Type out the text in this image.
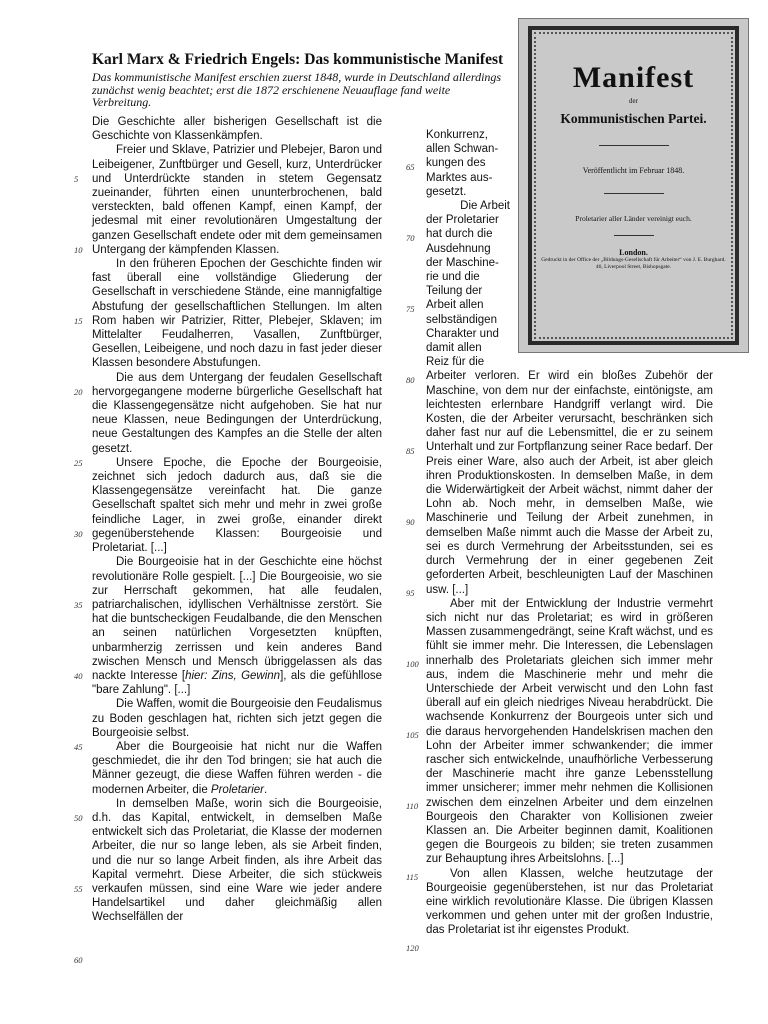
Karl Marx & Friedrich Engels: Das kommunistische Manifest
Das kommunistische Manifest erschien zuerst 1848, wurde in Deutschland allerdings zunächst wenig beachtet; erst die 1872 erschienene Neuauflage fand weite Verbreitung.
Manifest
der
Kommunistischen Partei.
Veröffentlicht im Februar 1848.
Proletarier aller Länder vereinigt euch.
London.
Gedruckt in der Office der „Bildungs-Gesellschaft für Arbeiter“ von J. E. Burghard.
46, Liverpool Street, Bishopsgate.

Die Geschichte aller bisherigen Gesellschaft ist die Geschichte von Klassenkämpfen.

Freier und Sklave, Patrizier und Plebejer, Baron und Leibeigener, Zunftbürger und Gesell, kurz, Unterdrücker und Unterdrückte standen in stetem Gegensatz zueinander, führten einen ununterbrochenen, bald versteckten, bald offenen Kampf, einen Kampf, der jedesmal mit einer revolutionären Umgestaltung der ganzen Gesellschaft endete oder mit dem gemeinsamen Untergang der kämpfenden Klassen.

In den früheren Epochen der Geschichte finden wir fast überall eine vollständige Gliederung der Gesellschaft in verschiedene Stände, eine mannigfaltige Abstufung der gesellschaftlichen Stellungen. Im alten Rom haben wir Patrizier, Ritter, Plebejer, Sklaven; im Mittelalter Feudalherren, Vasallen, Zunftbürger, Gesellen, Leibeigene, und noch dazu in fast jeder dieser Klassen besondere Abstufungen.

Die aus dem Untergang der feudalen Gesellschaft hervorgegangene moderne bürgerliche Gesellschaft hat die Klassengegensätze nicht aufgehoben. Sie hat nur neue Klassen, neue Bedingungen der Unterdrückung, neue Gestaltungen des Kampfes an die Stelle der alten gesetzt.

Unsere Epoche, die Epoche der Bourgeoisie, zeichnet sich jedoch dadurch aus, daß sie die Klassengegensätze vereinfacht hat. Die ganze Gesellschaft spaltet sich mehr und mehr in zwei große feindliche Lager, in zwei große, einander direkt gegenüberstehende Klassen: Bourgeoisie und Proletariat. [...]

Die Bourgeoisie hat in der Geschichte eine höchst revolutionäre Rolle gespielt. [...] Die Bourgeoisie, wo sie zur Herrschaft gekommen, hat alle feudalen, patriarchalischen, idyllischen Verhältnisse zerstört. Sie hat die buntscheckigen Feudalbande, die den Menschen an seinen natürlichen Vorgesetzten knüpften, unbarmherzig zerrissen und kein anderes Band zwischen Mensch und Mensch übriggelassen als das nackte Interesse [hier: Zins, Gewinn], als die gefühllose "bare Zahlung". [...]

Die Waffen, womit die Bourgeoisie den Feudalismus zu Boden geschlagen hat, richten sich jetzt gegen die Bourgeoisie selbst.

Aber die Bourgeoisie hat nicht nur die Waffen geschmiedet, die ihr den Tod bringen; sie hat auch die Männer gezeugt, die diese Waffen führen werden - die modernen Arbeiter, die Proletarier.

In demselben Maße, worin sich die Bourgeoisie, d.h. das Kapital, entwickelt, in demselben Maße entwickelt sich das Proletariat, die Klasse der modernen Arbeiter, die nur so lange leben, als sie Arbeit finden, und die nur so lange Arbeit finden, als ihre Arbeit das Kapital vermehrt. Diese Arbeiter, die sich stückweis verkaufen müssen, sind eine Ware wie jeder andere Handelsartikel und daher gleichmäßig allen Wechselfällen der

Konkurrenz,

allen Schwan-

kungen des

Marktes aus-

gesetzt.

Die Arbeit

der Proletarier

hat durch die

Ausdehnung

der Maschine-

rie und die

Teilung der

Arbeit allen

selbständigen

Charakter und

damit allen

Reiz für die

Arbeiter verloren. Er wird ein bloßes Zubehör der Maschine, von dem nur der einfachste, eintönigste, am leichtesten erlernbare Handgriff verlangt wird. Die Kosten, die der Arbeiter verursacht, beschränken sich daher fast nur auf die Lebensmittel, die er zu seinem Unterhalt und zur Fortpflanzung seiner Race bedarf. Der Preis einer Ware, also auch der Arbeit, ist aber gleich ihren Produktionskosten. In demselben Maße, in dem die Widerwärtigkeit der Arbeit wächst, nimmt daher der Lohn ab. Noch mehr, in demselben Maße, wie Maschinerie und Teilung der Arbeit zunehmen, in demselben Maße nimmt auch die Masse der Arbeit zu, sei es durch Vermehrung der Arbeitsstunden, sei es durch Vermehrung der in einer gegebenen Zeit geforderten Arbeit, beschleunigten Lauf der Maschinen usw. [...]

Aber mit der Entwicklung der Industrie vermehrt sich nicht nur das Proletariat; es wird in größeren Massen zusammengedrängt, seine Kraft wächst, und es fühlt sie immer mehr. Die Interessen, die Lebenslagen innerhalb des Proletariats gleichen sich immer mehr aus, indem die Maschinerie mehr und mehr die Unterschiede der Arbeit verwischt und den Lohn fast überall auf ein gleich niedriges Niveau herabdrückt. Die wachsende Konkurrenz der Bourgeois unter sich und die daraus hervorgehenden Handelskrisen machen den Lohn der Arbeiter immer schwankender; die immer rascher sich entwickelnde, unaufhörliche Verbesserung der Maschinerie macht ihre ganze Lebensstellung immer unsicherer; immer mehr nehmen die Kollisionen zwischen dem einzelnen Arbeiter und dem einzelnen Bourgeois den Charakter von Kollisionen zweier Klassen an. Die Arbeiter beginnen damit, Koalitionen gegen die Bourgeois zu bilden; sie treten zusammen zur Behauptung ihres Arbeitslohns. [...]

Von allen Klassen, welche heutzutage der Bourgeoisie gegenüberstehen, ist nur das Proletariat eine wirklich revolutionäre Klasse. Die übrigen Klassen verkommen und gehen unter mit der großen Industrie, das Proletariat ist ihr eigenstes Produkt.

5
10
15
20
25
30
35
40
45
50
55
60
65
70
75
80
85
90
95
100
105
110
115
120
